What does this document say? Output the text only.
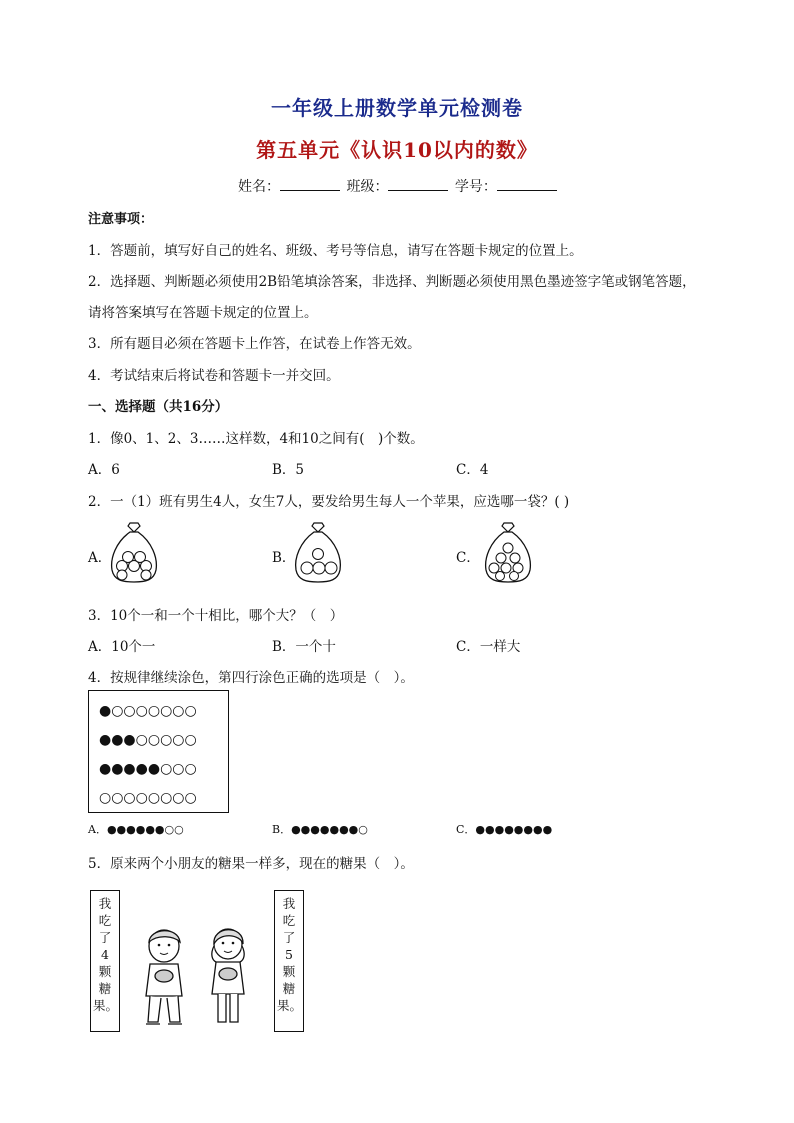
一年级上册数学单元检测卷
第五单元《认识10以内的数》
姓名：	班级：	学号：
注意事项：
1．答题前，填写好自己的姓名、班级、考号等信息，请写在答题卡规定的位置上。
2．选择题、判断题必须使用2B铅笔填涂答案，非选择、判断题必须使用黑色墨迹签字笔或钢笔答题，
请将答案填写在答题卡规定的位置上。
3．所有题目必须在答题卡上作答，在试卷上作答无效。
4．考试结束后将试卷和答题卡一并交回。
一、选择题（共16分）
1．像0、1、2、3……这样数，4和10之间有(　)个数。
A．6	B．5	C．4
2．一（1）班有男生4人，女生7人，要发给男生每人一个苹果，应选哪一袋？( )
A．	B．	C．
3．10个一和一个十相比，哪个大？（　）
A．10个一	B．一个十	C．一样大
4．按规律继续涂色，第四行涂色正确的选项是（　）。
●○○○○○○○
●●●○○○○○
●●●●●○○○
○○○○○○○○
A．●●●●●●○○	B．●●●●●●●○	C．●●●●●●●●
5．原来两个小朋友的糖果一样多，现在的糖果（　）。
我
吃
了
4
颗
糖
果。
我
吃
了
5
颗
糖
果。
